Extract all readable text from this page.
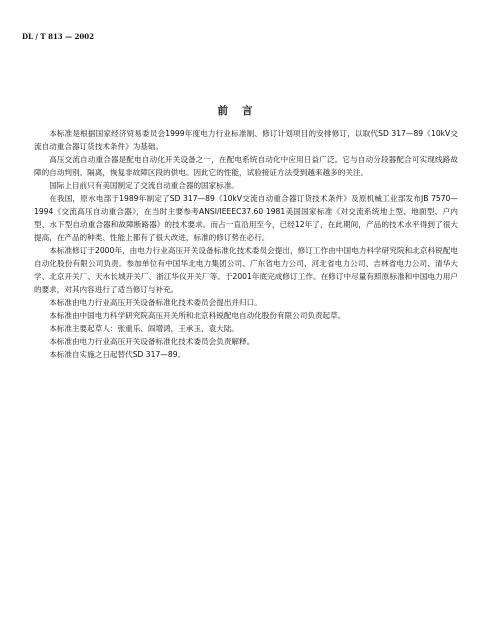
DL / T 813 — 2002
前言

本标准是根据国家经济贸易委员会1999年度电力行业标准制、修订计划项目的安排修订，以取代SD 317—89《10kV交流自动重合器订货技术条件》为基础。

高压交流自动重合器是配电自动化开关设备之一，在配电系统自动化中应用日益广泛。它与自动分段器配合可实现线路故障的自动判别、隔离，恢复非故障区段的供电。因此它的性能，试验接证方法受到越来越多的关注。

国际上目前只有美国制定了交流自动重合器的国家标准。

在我国，原水电部于1989年制定了SD 317—89《10kV交流自动重合器订货技术条件》及原机械工业部发布JB 7570—1994《交流高压自动重合器》，在当时主要参考ANSI/IEEEC37.60 1981美国国家标准《对交流系统地上型、地面型、户内型、水下型自动重合器和故障断路器》的技术要求。而占一直沿用至今，已经12年了，在此期间，产品的技术水平得到了很大提高，在产品的种类、性能上都有了很大改进，标准的修订势在必行。

本标准修订于2000年，由电力行业高压开关设备标准化技术委员会提出，修订工作由中国电力科学研究院和北京科锐配电自动化股份有限公司负责。参加单位有中国华北电力集团公司、广东省电力公司、河北省电力公司、吉林省电力公司、清华大学、北京开关厂、天水长城开关厂、浙江华仪开关厂等。于2001年底完成修订工作。在修订中尽量有照原标准和中国电力用户的要求，对其内容进行了适当修订与补充。

本标准由电力行业高压开关设备标准化技术委员会提出并归口。

本标准由中国电力科学研究院高压开关所和北京科锐配电自动化股份有限公司负责起草。

本标准主要起草人：张重乐、阎增鸿，王承玉、袁大陆。

本标准由电力行业高压开关设备标准化技术委员会负责解释。

本标准自实施之日起替代SD 317—89。
